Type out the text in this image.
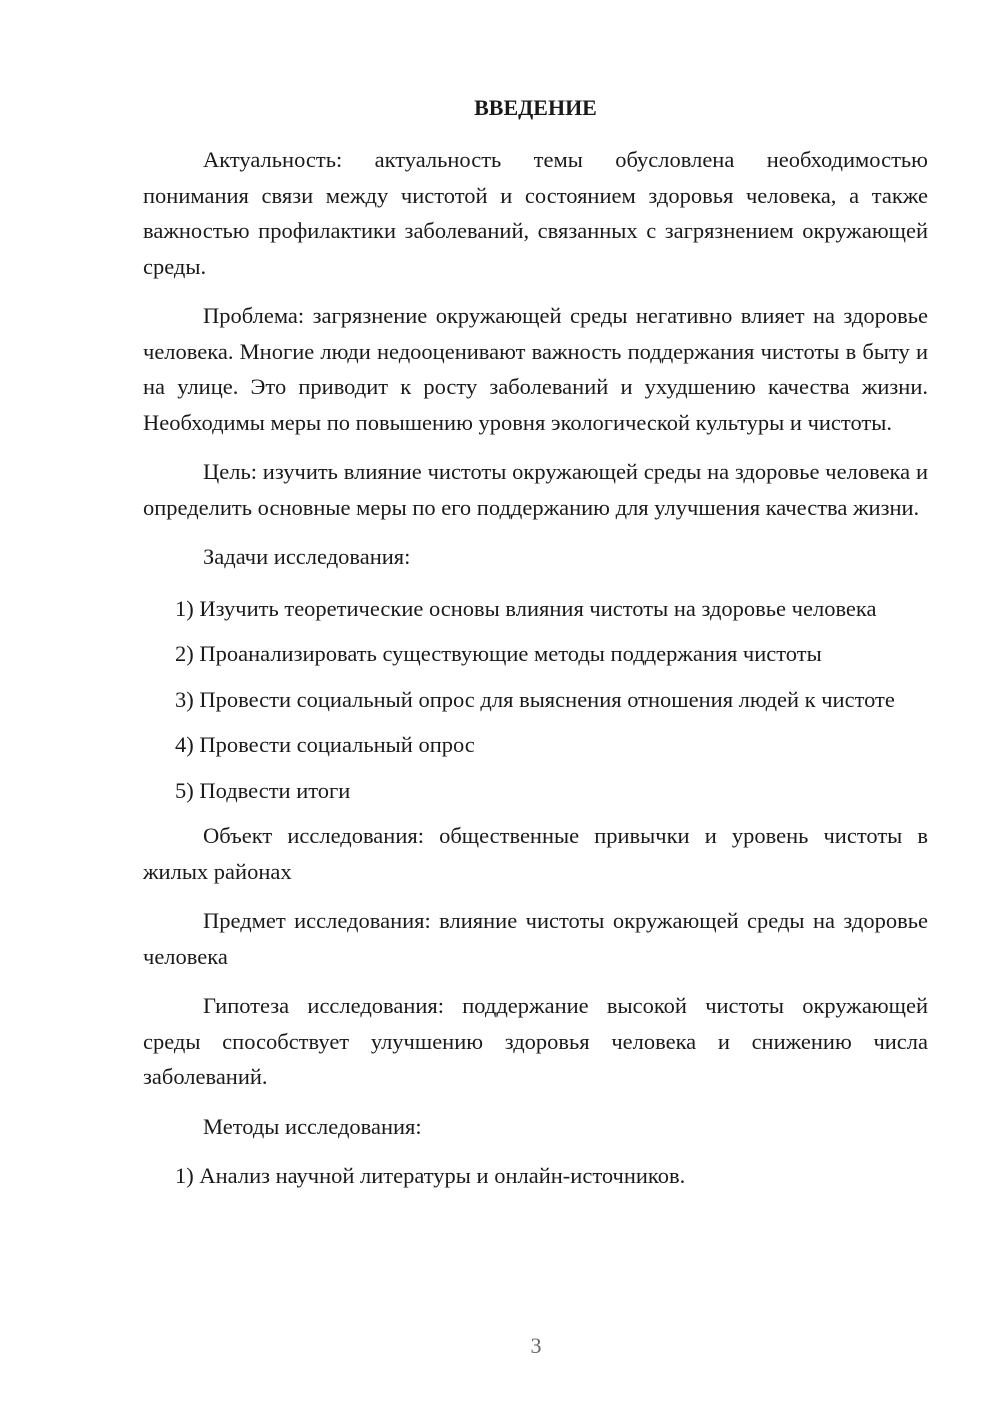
ВВЕДЕНИЕ

Актуальность: актуальность темы обусловлена необходимостью понимания связи между чистотой и состоянием здоровья человека, а также важностью профилактики заболеваний, связанных с загрязнением окружающей среды.

Проблема: загрязнение окружающей среды негативно влияет на здоровье человека. Многие люди недооценивают важность поддержания чистоты в быту и на улице. Это приводит к росту заболеваний и ухудшению качества жизни. Необходимы меры по повышению уровня экологической культуры и чистоты.

Цель: изучить влияние чистоты окружающей среды на здоровье человека и определить основные меры по его поддержанию для улучшения качества жизни.

Задачи исследования:

1) Изучить теоретические основы влияния чистоты на здоровье человека

2) Проанализировать существующие методы поддержания чистоты

3) Провести социальный опрос для выяснения отношения людей к чистоте

4) Провести социальный опрос

5) Подвести итоги

Объект исследования: общественные привычки и уровень чистоты в жилых районах

Предмет исследования: влияние чистоты окружающей среды на здоровье человека

Гипотеза исследования: поддержание высокой чистоты окружающей среды способствует улучшению здоровья человека и снижению числа заболеваний.

Методы исследования:

1) Анализ научной литературы и онлайн-источников.

3
